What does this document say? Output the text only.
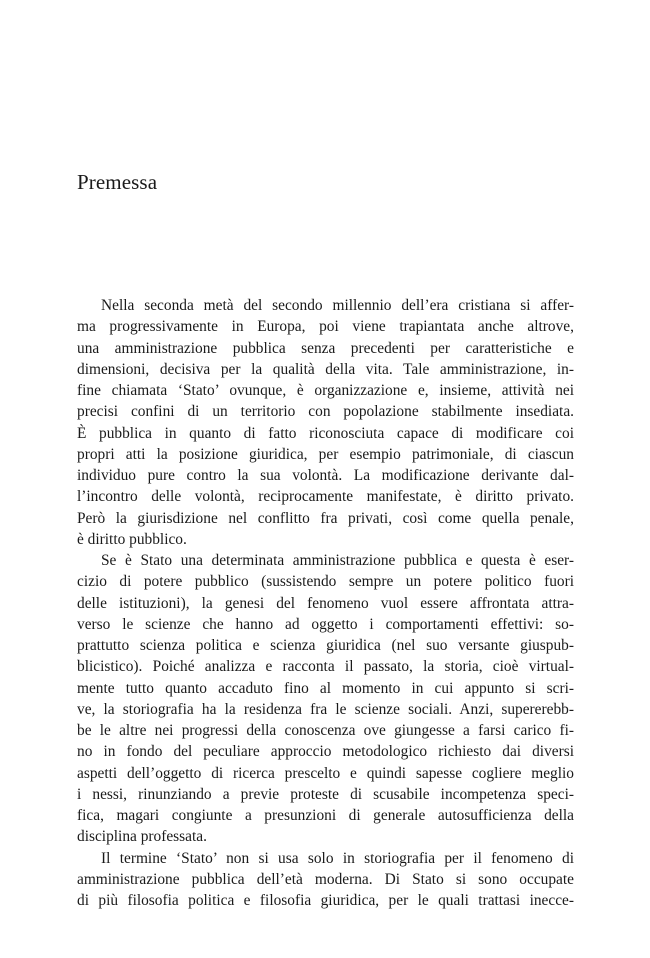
Premessa
Nella seconda metà del secondo millennio dell’era cristiana si affer-
ma progressivamente in Europa, poi viene trapiantata anche altrove,
una amministrazione pubblica senza precedenti per caratteristiche e
dimensioni, decisiva per la qualità della vita. Tale amministrazione, in-
fine chiamata ‘Stato’ ovunque, è organizzazione e, insieme, attività nei
precisi confini di un territorio con popolazione stabilmente insediata.
È pubblica in quanto di fatto riconosciuta capace di modificare coi
propri atti la posizione giuridica, per esempio patrimoniale, di ciascun
individuo pure contro la sua volontà. La modificazione derivante dal-
l’incontro delle volontà, reciprocamente manifestate, è diritto privato.
Però la giurisdizione nel conflitto fra privati, così come quella penale,
è diritto pubblico.
Se è Stato una determinata amministrazione pubblica e questa è eser-
cizio di potere pubblico (sussistendo sempre un potere politico fuori
delle istituzioni), la genesi del fenomeno vuol essere affrontata attra-
verso le scienze che hanno ad oggetto i comportamenti effettivi: so-
prattutto scienza politica e scienza giuridica (nel suo versante giuspub-
blicistico). Poiché analizza e racconta il passato, la storia, cioè virtual-
mente tutto quanto accaduto fino al momento in cui appunto si scri-
ve, la storiografia ha la residenza fra le scienze sociali. Anzi, supererebb-
be le altre nei progressi della conoscenza ove giungesse a farsi carico fi-
no in fondo del peculiare approccio metodologico richiesto dai diversi
aspetti dell’oggetto di ricerca prescelto e quindi sapesse cogliere meglio
i nessi, rinunziando a previe proteste di scusabile incompetenza speci-
fica, magari congiunte a presunzioni di generale autosufficienza della
disciplina professata.
Il termine ‘Stato’ non si usa solo in storiografia per il fenomeno di
amministrazione pubblica dell’età moderna. Di Stato si sono occupate
di più filosofia politica e filosofia giuridica, per le quali trattasi inecce-
